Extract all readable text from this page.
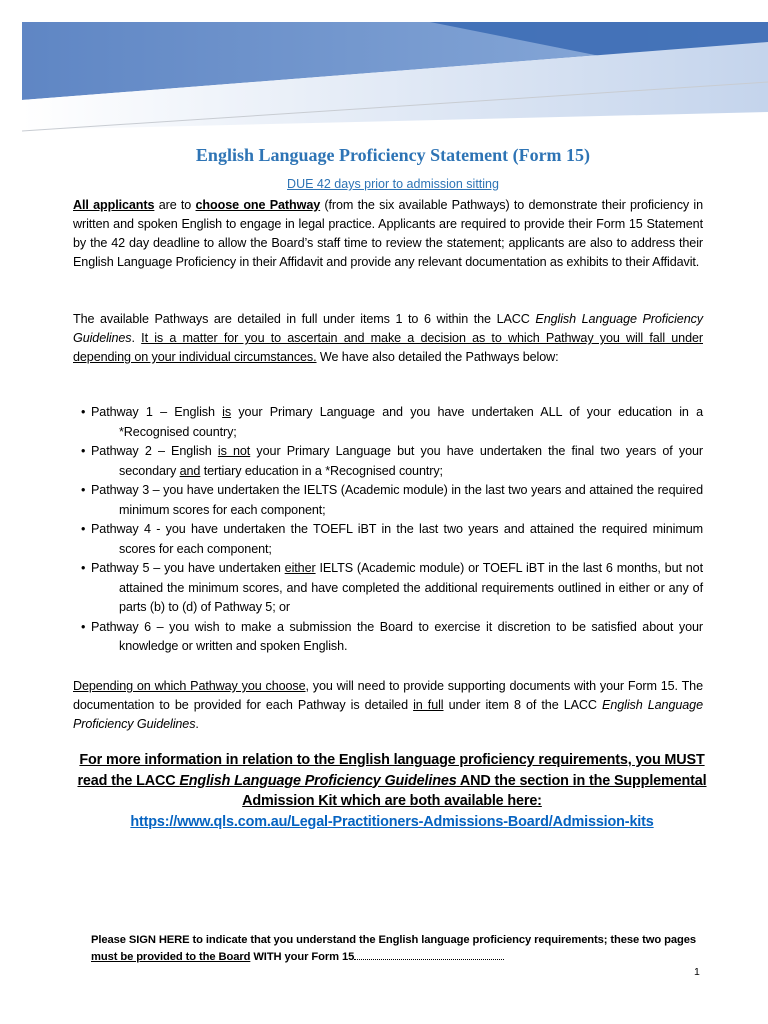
English Language Proficiency Statement (Form 15)
DUE 42 days prior to admission sitting

All applicants are to choose one Pathway (from the six available Pathways) to demonstrate their proficiency in written and spoken English to engage in legal practice. Applicants are required to provide their Form 15 Statement by the 42 day deadline to allow the Board’s staff time to review the statement; applicants are also to address their English Language Proficiency in their Affidavit and provide any relevant documentation as exhibits to their Affidavit.

The available Pathways are detailed in full under items 1 to 6 within the LACC English Language Proficiency Guidelines. It is a matter for you to ascertain and make a decision as to which Pathway you will fall under depending on your individual circumstances. We have also detailed the Pathways below:

• Pathway 1 – English is your Primary Language and you have undertaken ALL of your education in a *Recognised country;
• Pathway 2 – English is not your Primary Language but you have undertaken the final two years of your secondary and tertiary education in a *Recognised country;
• Pathway 3 – you have undertaken the IELTS (Academic module) in the last two years and attained the required minimum scores for each component;
• Pathway 4 - you have undertaken the TOEFL iBT in the last two years and attained the required minimum scores for each component;
• Pathway 5 – you have undertaken either IELTS (Academic module) or TOEFL iBT in the last 6 months, but not attained the minimum scores, and have completed the additional requirements outlined in either or any of parts (b) to (d) of Pathway 5; or
• Pathway 6 – you wish to make a submission the Board to exercise it discretion to be satisfied about your knowledge or written and spoken English.

Depending on which Pathway you choose, you will need to provide supporting documents with your Form 15. The documentation to be provided for each Pathway is detailed in full under item 8 of the LACC English Language Proficiency Guidelines.

For more information in relation to the English language proficiency requirements, you MUST read the LACC English Language Proficiency Guidelines AND the section in the Supplemental Admission Kit which are both available here:
https://www.qls.com.au/Legal-Practitioners-Admissions-Board/Admission-kits
Please SIGN HERE to indicate that you understand the English language proficiency requirements; these two pages must be provided to the Board WITH your Form 15
1
